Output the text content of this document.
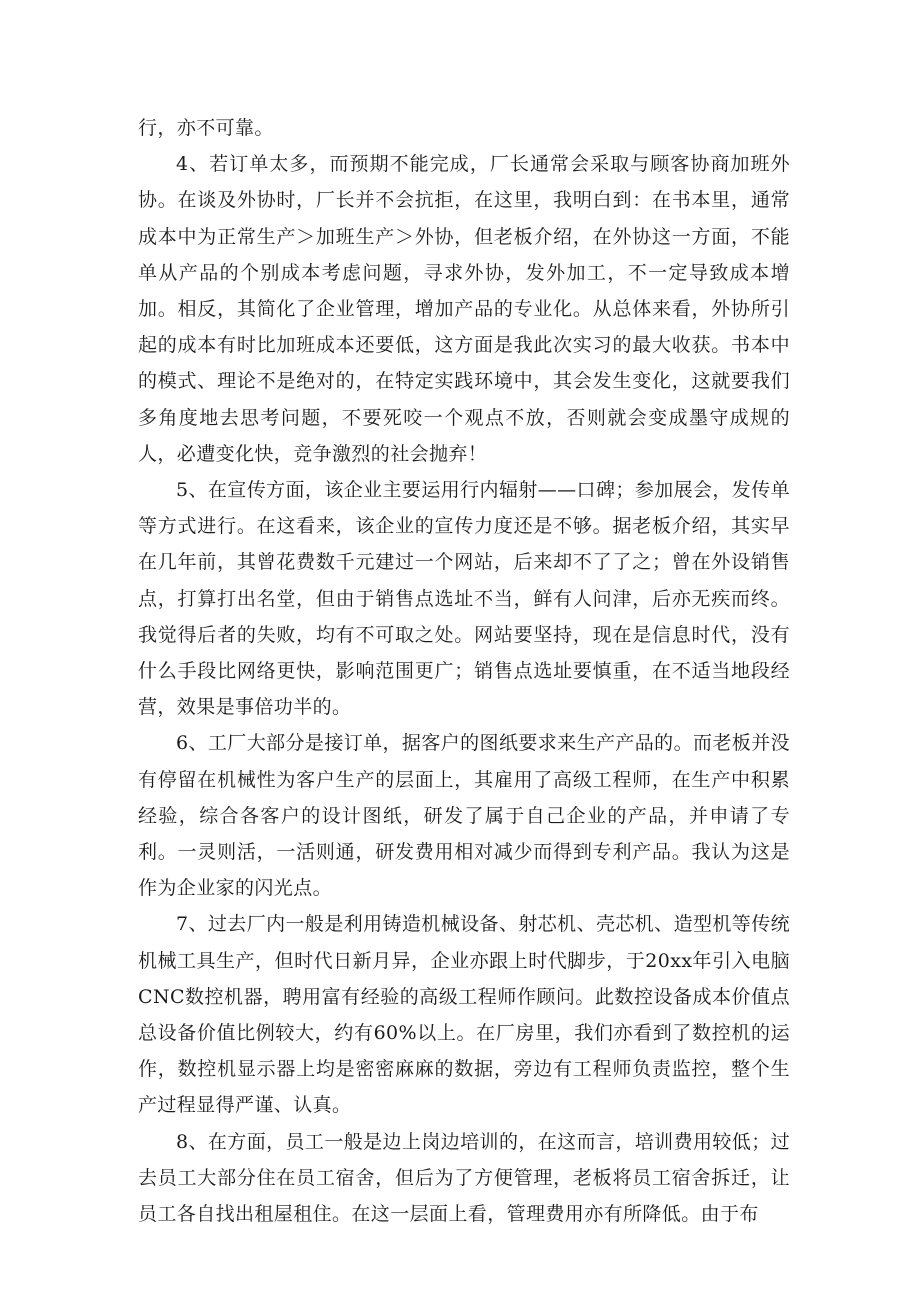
行，亦不可靠。

4、若订单太多，而预期不能完成，厂长通常会采取与顾客协商加班外协。在谈及外协时，厂长并不会抗拒，在这里，我明白到：在书本里，通常成本中为正常生产＞加班生产＞外协，但老板介绍，在外协这一方面，不能单从产品的个别成本考虑问题，寻求外协，发外加工，不一定导致成本增加。相反，其简化了企业管理，增加产品的专业化。从总体来看，外协所引起的成本有时比加班成本还要低，这方面是我此次实习的最大收获。书本中的模式、理论不是绝对的，在特定实践环境中，其会发生变化，这就要我们多角度地去思考问题，不要死咬一个观点不放，否则就会变成墨守成规的人，必遭变化快，竞争激烈的社会抛弃！

5、在宣传方面，该企业主要运用行内辐射——口碑；参加展会，发传单等方式进行。在这看来，该企业的宣传力度还是不够。据老板介绍，其实早在几年前，其曾花费数千元建过一个网站，后来却不了了之；曾在外设销售点，打算打出名堂，但由于销售点选址不当，鲜有人问津，后亦无疾而终。我觉得后者的失败，均有不可取之处。网站要坚持，现在是信息时代，没有什么手段比网络更快，影响范围更广；销售点选址要慎重，在不适当地段经营，效果是事倍功半的。

6、工厂大部分是接订单，据客户的图纸要求来生产产品的。而老板并没有停留在机械性为客户生产的层面上，其雇用了高级工程师，在生产中积累经验，综合各客户的设计图纸，研发了属于自己企业的产品，并申请了专利。一灵则活，一活则通，研发费用相对减少而得到专利产品。我认为这是作为企业家的闪光点。

7、过去厂内一般是利用铸造机械设备、射芯机、壳芯机、造型机等传统机械工具生产，但时代日新月异，企业亦跟上时代脚步，于20xx年引入电脑CNC数控机器，聘用富有经验的高级工程师作顾问。此数控设备成本价值点总设备价值比例较大，约有60%以上。在厂房里，我们亦看到了数控机的运作，数控机显示器上均是密密麻麻的数据，旁边有工程师负责监控，整个生产过程显得严谨、认真。

8、在方面，员工一般是边上岗边培训的，在这而言，培训费用较低；过去员工大部分住在员工宿舍，但后为了方便管理，老板将员工宿舍拆迁，让员工各自找出租屋租住。在这一层面上看，管理费用亦有所降低。由于布
